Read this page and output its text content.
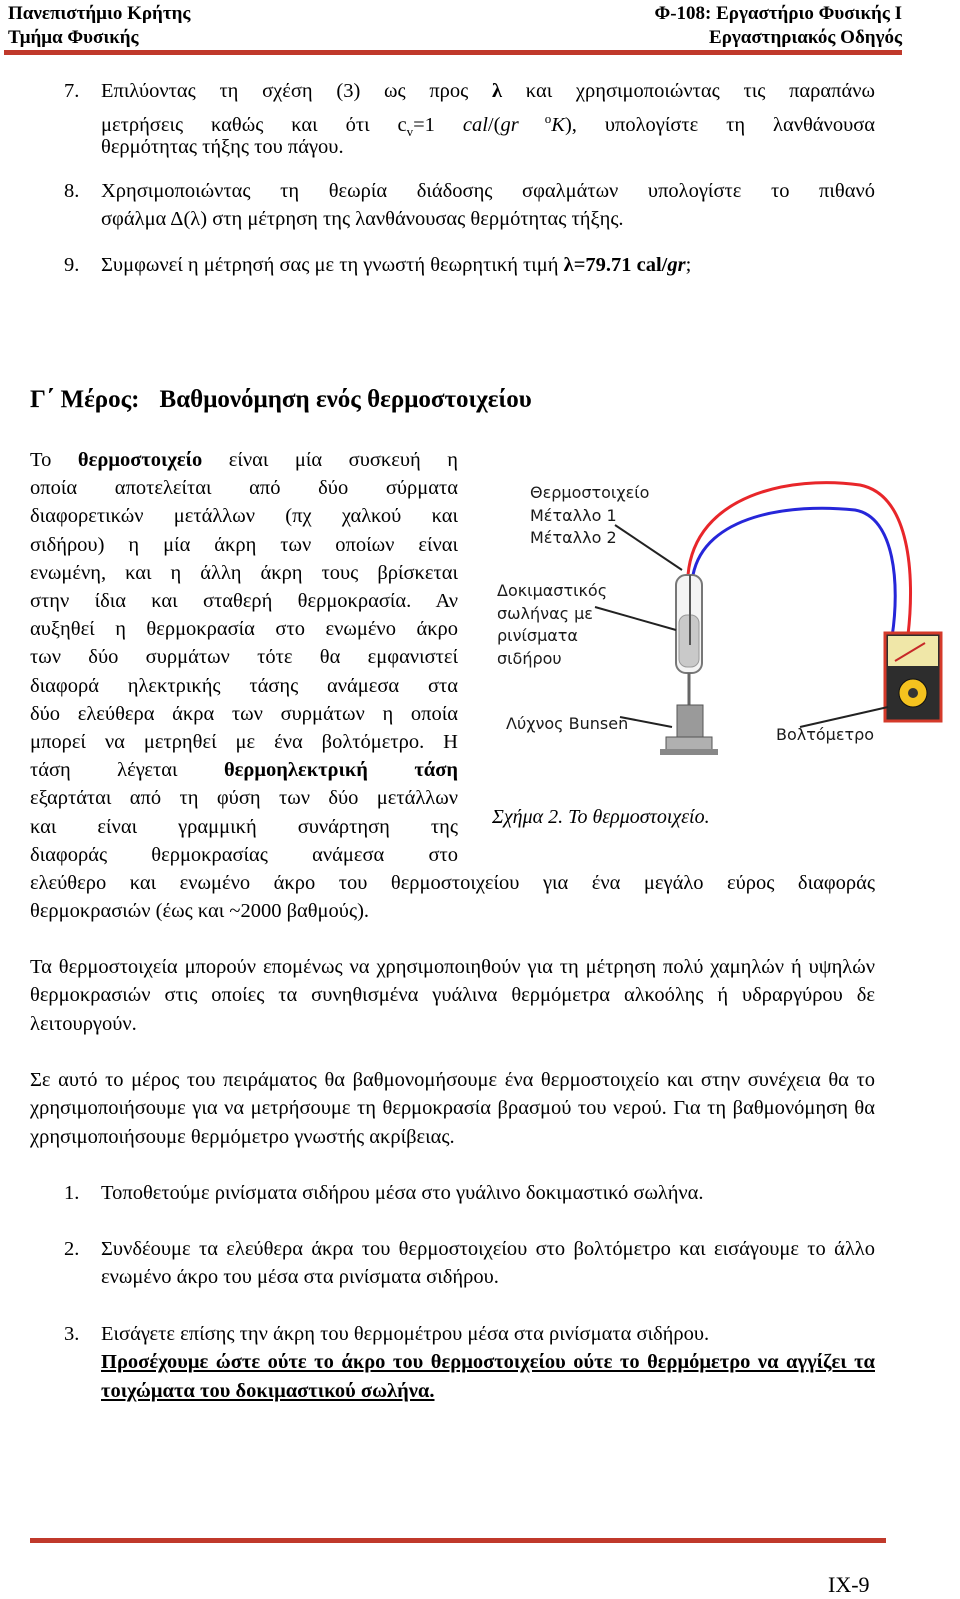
Πανεπιστήμιο Κρήτης
Τμήμα Φυσικής
Φ-108: Εργαστήριο Φυσικής Ι
Εργαστηριακός Οδηγός
7. Επιλύοντας τη σχέση (3) ως προς λ και χρησιμοποιώντας τις παραπάνω
μετρήσεις καθώς και ότι $c_v=1$ cal/(gr $^o$K), υπολογίστε τη λανθάνουσα
θερμότητας τήξης του πάγου.
8. Χρησιμοποιώντας τη θεωρία διάδοσης σφαλμάτων υπολογίστε το πιθανό
σφάλμα Δ(λ) στη μέτρηση της λανθάνουσας θερμότητας τήξης.
9. Συμφωνεί η μέτρησή σας με τη γνωστή θεωρητική τιμή λ=79.71 cal/gr;
Γ΄ Μέρος: Βαθμονόμηση ενός θερμοστοιχείου
Το θερμοστοιχείο είναι μία συσκευή η
οποία αποτελείται από δύο σύρματα
διαφορετικών μετάλλων (πχ χαλκού και
σιδήρου) η μία άκρη των οποίων είναι
ενωμένη, και η άλλη άκρη τους βρίσκεται
στην ίδια και σταθερή θερμοκρασία. Αν
αυξηθεί η θερμοκρασία στο ενωμένο άκρο
των δύο συρμάτων τότε θα εμφανιστεί
διαφορά ηλεκτρικής τάσης ανάμεσα στα
δύο ελεύθερα άκρα των συρμάτων η οποία
μπορεί να μετρηθεί με ένα βολτόμετρο. Η
τάση λέγεται θερμοηλεκτρική τάση
εξαρτάται από τη φύση των δύο μετάλλων
και είναι γραμμική συνάρτηση της
διαφοράς θερμοκρασίας ανάμεσα στο
ελεύθερο και ενωμένο άκρο του θερμοστοιχείου για ένα μεγάλο εύρος διαφοράς
θερμοκρασιών (έως και ~2000 βαθμούς).
Θερμοστοιχείο
Μέταλλο 1
Μέταλλο 2
Δοκιμαστικός
σωλήνας με
ρινίσματα
σιδήρου
Λύχνος Bunsen
Βολτόμετρο
Σχήμα 2. Το θερμοστοιχείο.
Τα θερμοστοιχεία μπορούν επομένως να χρησιμοποιηθούν για τη μέτρηση πολύ χαμηλών ή υψηλών θερμοκρασιών στις οποίες τα συνηθισμένα γυάλινα θερμόμετρα αλκοόλης ή υδραργύρου δε λειτουργούν.
Σε αυτό το μέρος του πειράματος θα βαθμονομήσουμε ένα θερμοστοιχείο και στην συνέχεια θα το χρησιμοποιήσουμε για να μετρήσουμε τη θερμοκρασία βρασμού του νερού. Για τη βαθμονόμηση θα χρησιμοποιήσουμε θερμόμετρο γνωστής ακρίβειας.
1. Τοποθετούμε ρινίσματα σιδήρου μέσα στο γυάλινο δοκιμαστικό σωλήνα.
2. Συνδέουμε τα ελεύθερα άκρα του θερμοστοιχείου στο βολτόμετρο και εισάγουμε το άλλο ενωμένο άκρο του μέσα στα ρινίσματα σιδήρου.
3. Εισάγετε επίσης την άκρη του θερμομέτρου μέσα στα ρινίσματα σιδήρου.
Προσέχουμε ώστε ούτε το άκρο του θερμοστοιχείου ούτε το θερμόμετρο να αγγίζει τα τοιχώματα του δοκιμαστικού σωλήνα.
IX-9
